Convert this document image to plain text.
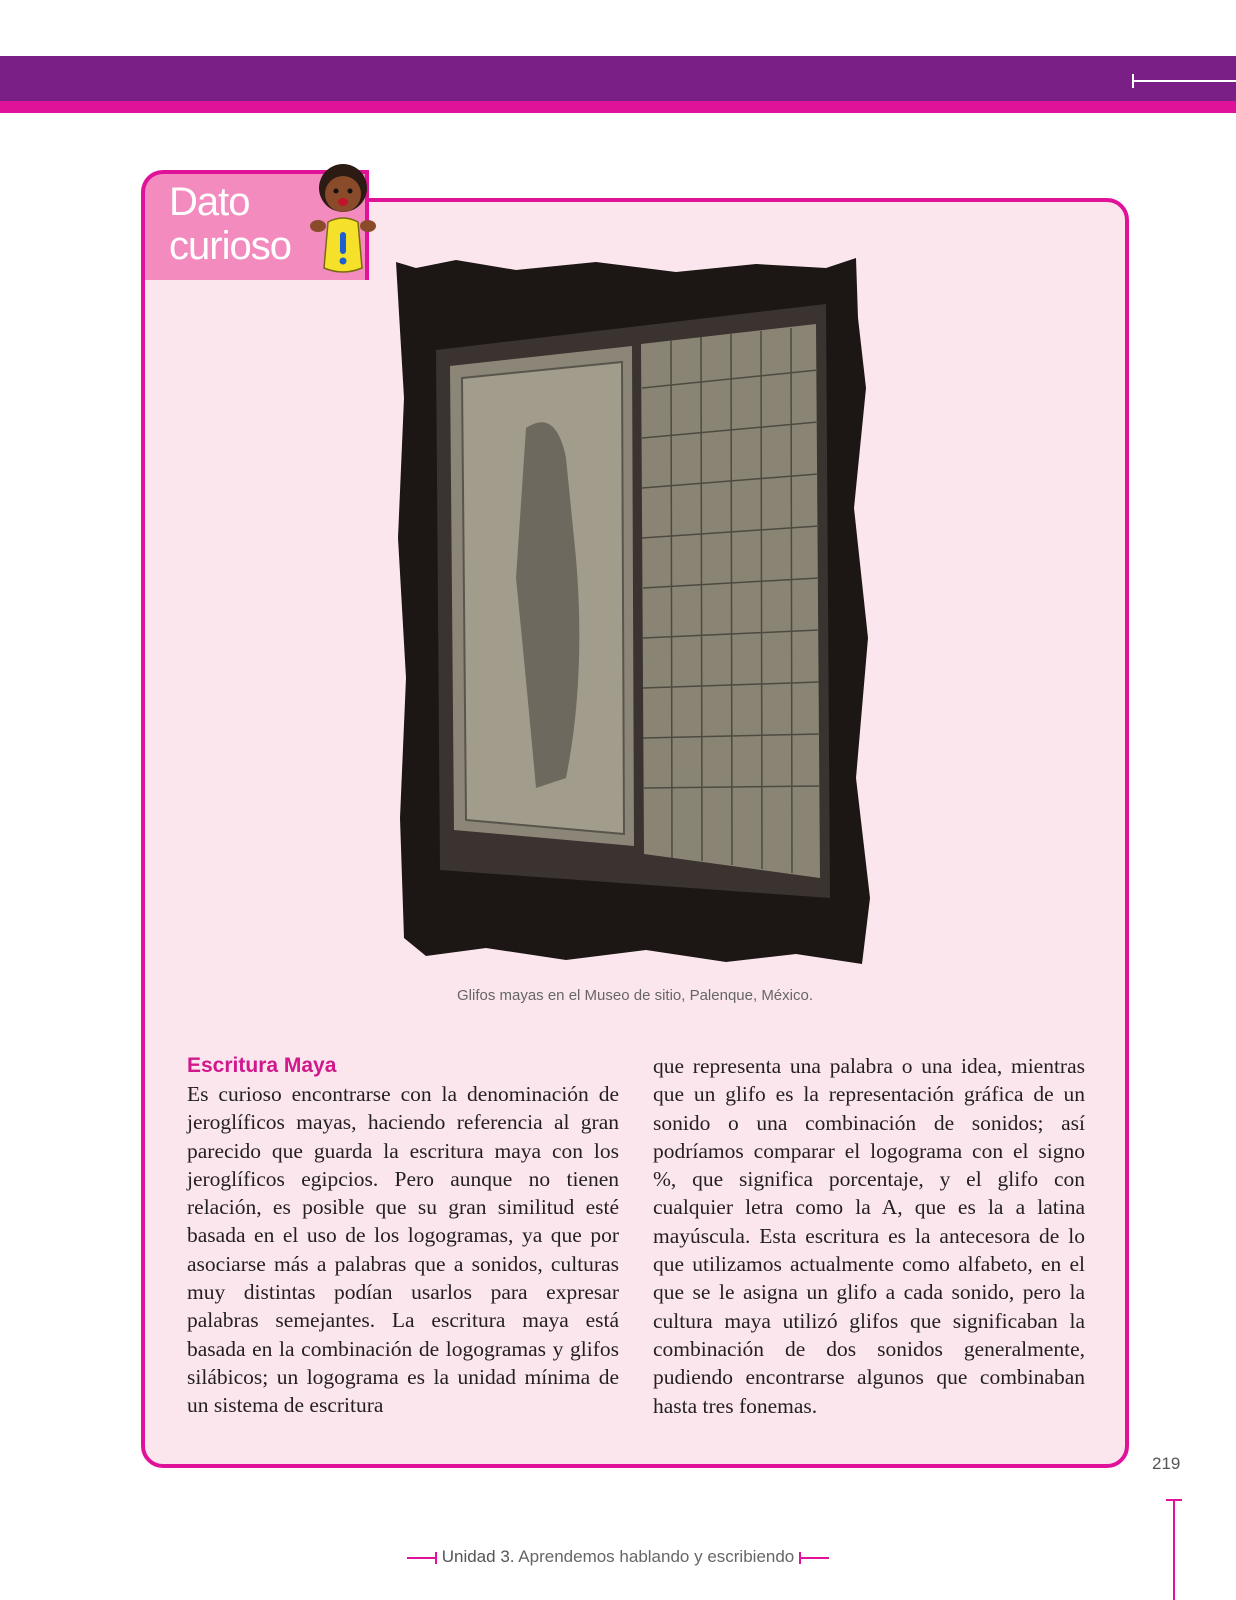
Dato
curioso
Glifos mayas en el Museo de sitio, Palenque, México.
Escritura Maya

Es curioso encontrarse con la denominación de jeroglíficos mayas, haciendo referencia al gran parecido que guarda la escritura maya con los jeroglíficos egipcios. Pero aunque no tienen relación, es posible que su gran similitud esté basada en el uso de los logogramas, ya que por asociarse más a palabras que a sonidos, culturas muy distintas podían usarlos para expresar palabras semejantes. La escritura maya está basada en la combinación de logogramas y glifos silábicos; un logograma es la unidad mínima de un sistema de escritura

que representa una palabra o una idea, mientras que un glifo es la representación gráfica de un sonido o una combinación de sonidos; así podríamos comparar el logograma con el signo %, que significa porcentaje, y el glifo con cualquier letra como la A, que es la a latina mayúscula. Esta escritura es la antecesora de lo que utilizamos actualmente como alfabeto, en el que se le asigna un glifo a cada sonido, pero la cultura maya utilizó glifos que significaban la combinación de dos sonidos generalmente, pudiendo encontrarse algunos que combinaban hasta tres fonemas.

219
Unidad 3. Aprendemos hablando y escribiendo
